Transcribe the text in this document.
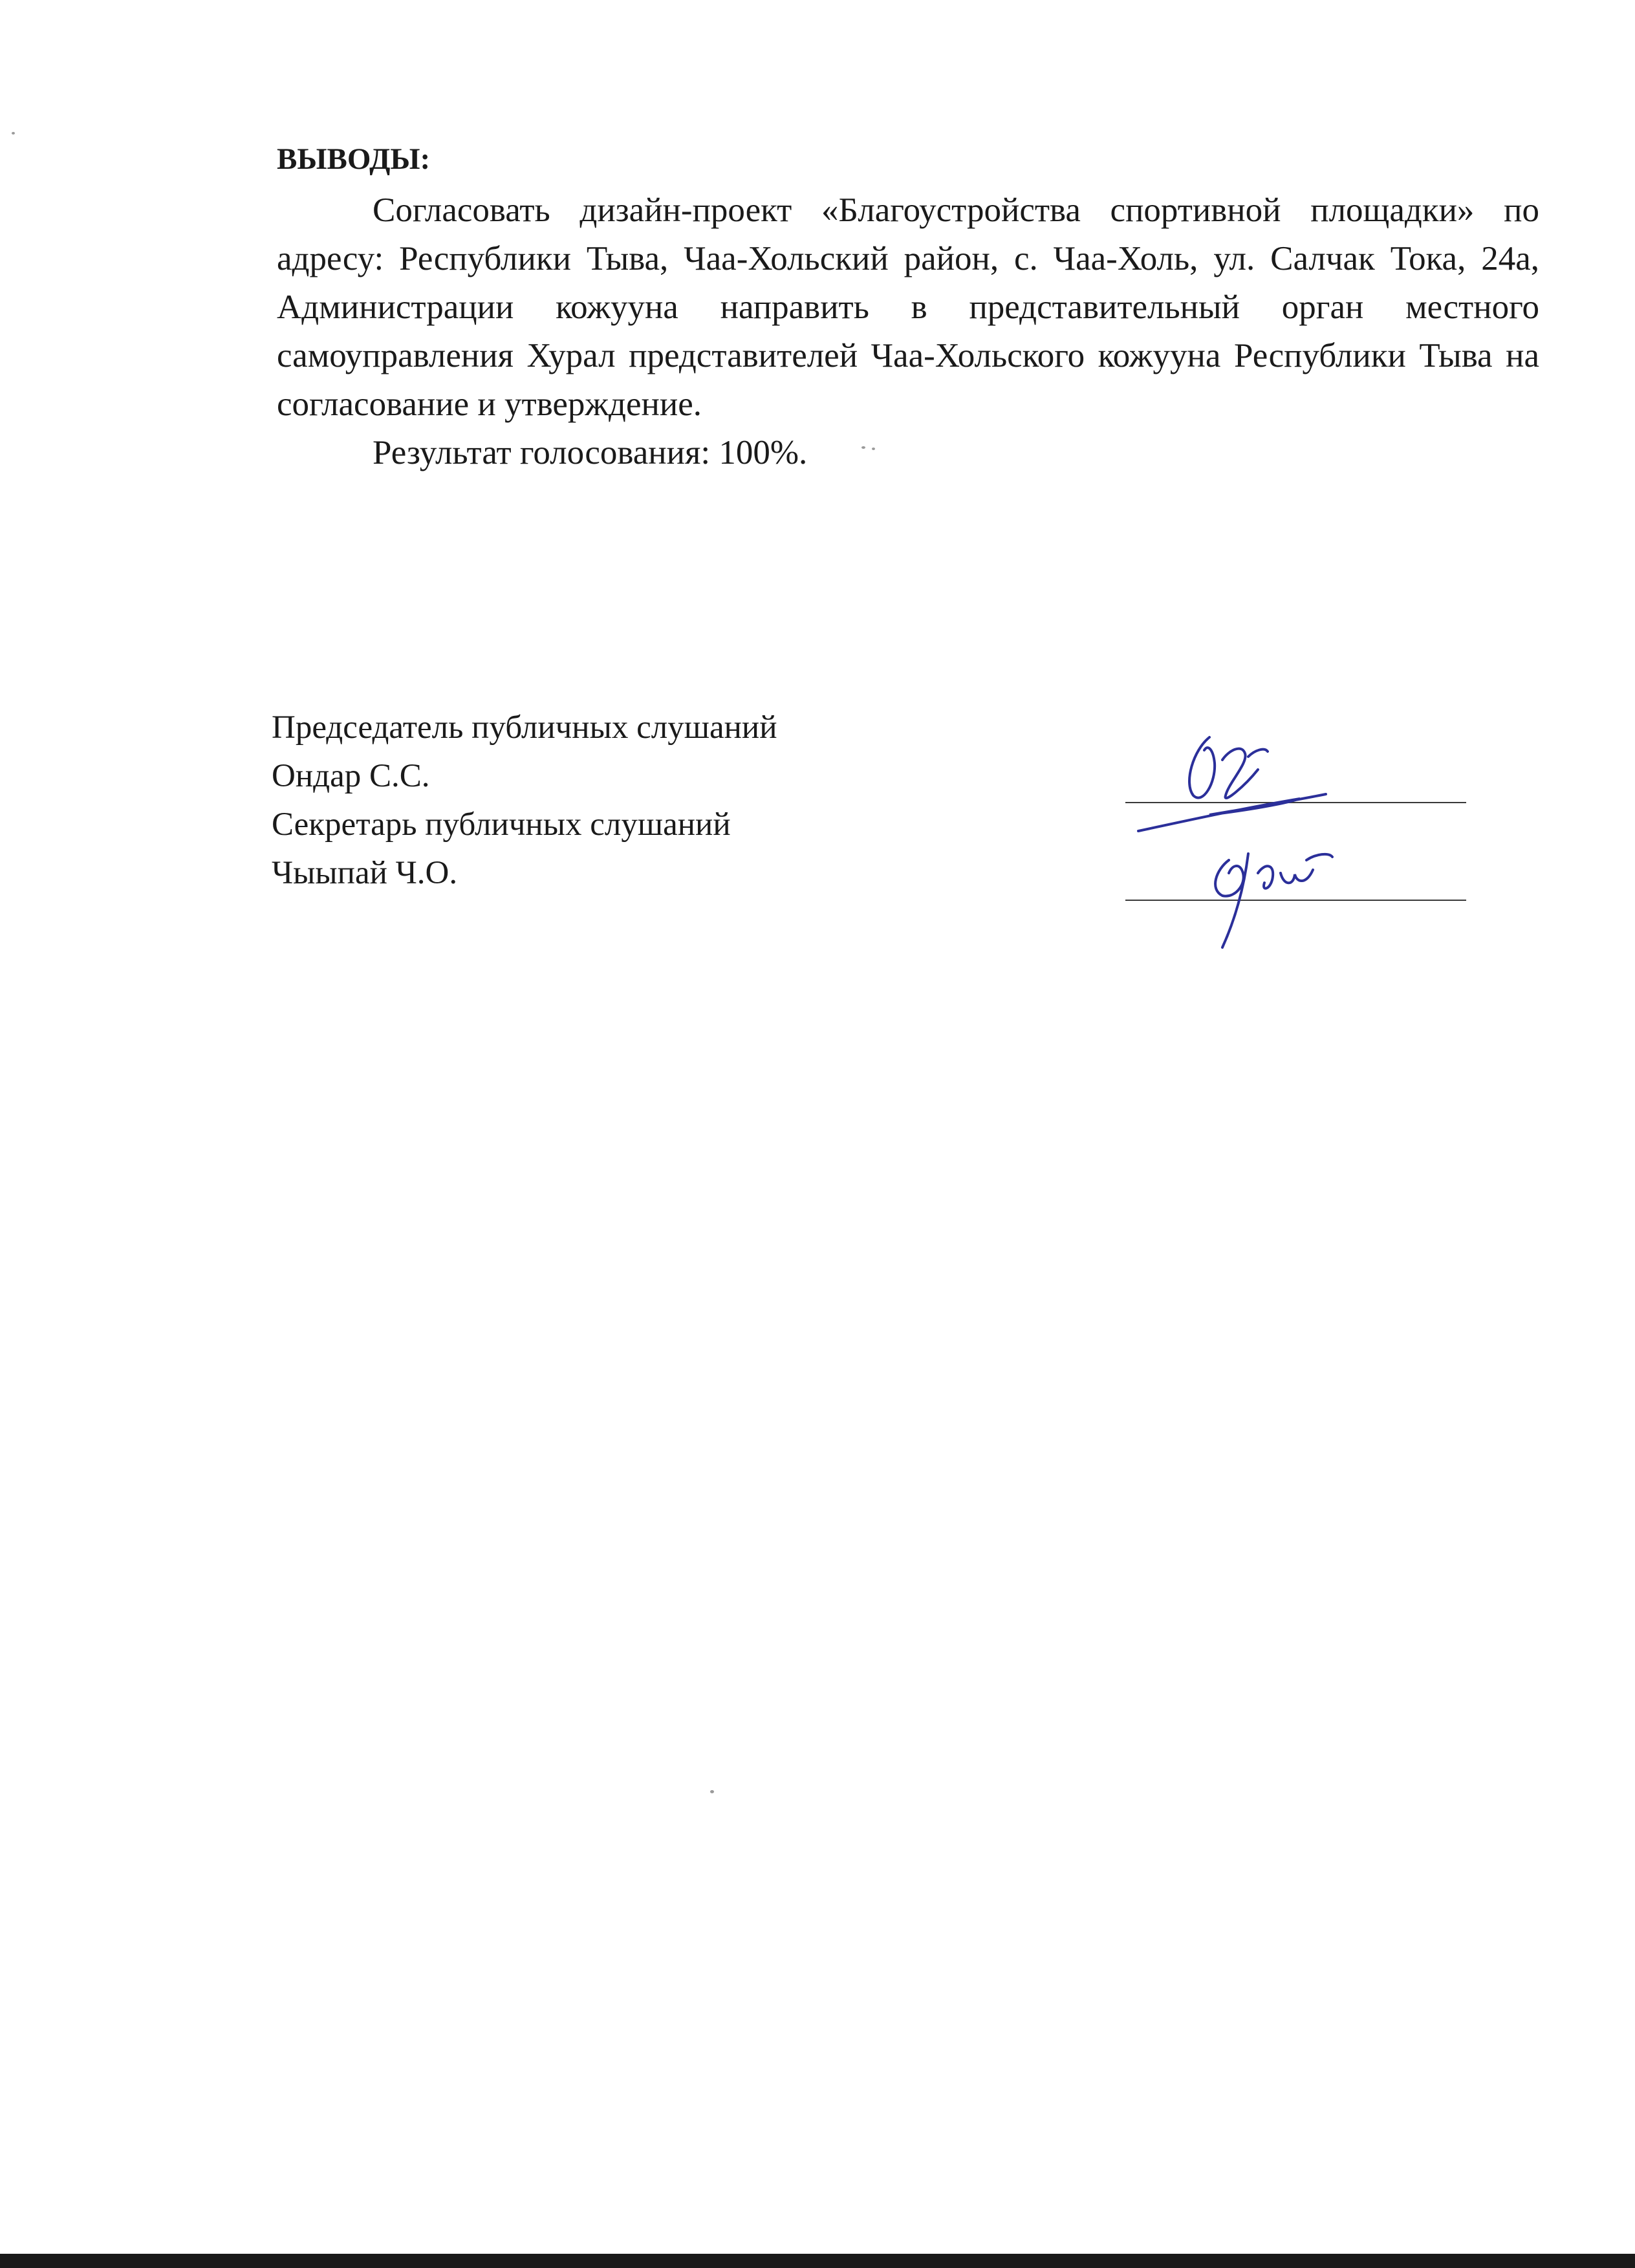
ВЫВОДЫ:

Согласовать дизайн-проект «Благоустройства спортивной площадки» по адресу: Республики Тыва, Чаа-Хольский район, с. Чаа-Холь, ул. Салчак Тока, 24а, Администрации кожууна направить в представительный орган местного самоуправления Хурал представителей Чаа-Хольского кожууна Республики Тыва на согласование и утверждение.

Результат голосования: 100%.

Председатель публичных слушаний
Ондар С.С.
Секретарь публичных слушаний
Чыыпай Ч.О.
